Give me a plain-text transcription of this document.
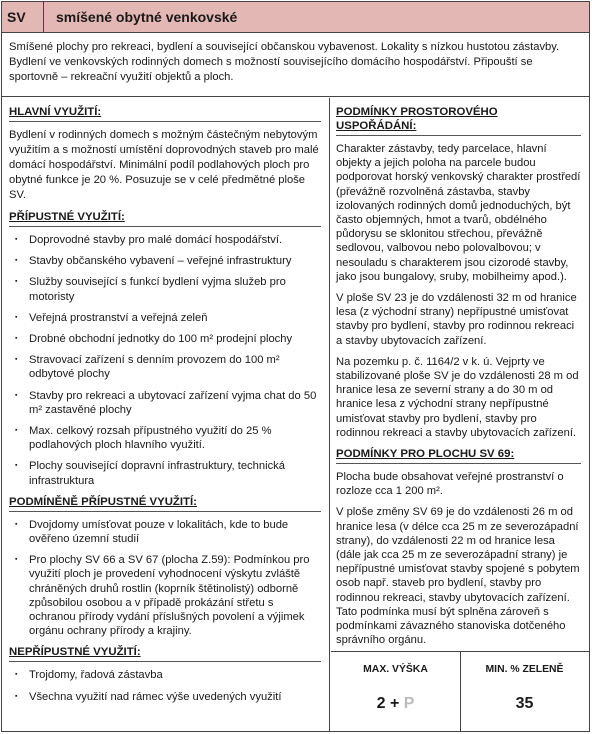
SV	smíšené obytné venkovské
Smíšené plochy pro rekreaci, bydlení a související občanskou vybavenost. Lokality s nízkou hustotou zástavby. Bydlení ve venkovských rodinných domech s možností souvisejícího domácího hospodářství. Připouští se sportovně – rekreační využití objektů a ploch.
HLAVNÍ VYUŽITÍ:

Bydlení v rodinných domech s možným částečným nebytovým využitím a s možností umístění doprovodných staveb pro malé domácí hospodářství. Minimální podíl podlahových ploch pro obytné funkce je 20 %. Posuzuje se v celé předmětné ploše SV.

PŘÍPUSTNÉ VYUŽITÍ:
▪ Doprovodné stavby pro malé domácí hospodářství.
▪ Stavby občanského vybavení – veřejné infrastruktury
▪ Služby související s funkcí bydlení vyjma služeb pro motoristy
▪ Veřejná prostranství a veřejná zeleň
▪ Drobné obchodní jednotky do 100 m² prodejní plochy
▪ Stravovací zařízení s denním provozem do 100 m² odbytové plochy
▪ Stavby pro rekreaci a ubytovací zařízení vyjma chat do 50 m² zastavěné plochy
▪ Max. celkový rozsah přípustného využití do 25 % podlahových ploch hlavního využití.
▪ Plochy související dopravní infrastruktury, technická infrastruktura
PODMÍNĚNĚ PŘÍPUSTNÉ VYUŽITÍ:
▪ Dvojdomy umísťovat pouze v lokalitách, kde to bude ověřeno územní studií
▪ Pro plochy SV 66 a SV 67 (plocha Z.59): Podmínkou pro využití ploch je provedení vyhodnocení výskytu zvláště chráněných druhů rostlin (koprník štětinolistý) odborně způsobilou osobou a v případě prokázání střetu s ochranou přírody vydání příslušných povolení a výjimek orgánu ochrany přírody a krajiny.
NEPŘÍPUSTNÉ VYUŽITÍ:
▪ Trojdomy, řadová zástavba
▪ Všechna využití nad rámec výše uvedených využití
PODMÍNKY PROSTOROVÉHO USPOŘÁDÁNÍ:

Charakter zástavby, tedy parcelace, hlavní objekty a jejich poloha na parcele budou podporovat horský venkovský charakter prostředí (převážně rozvolněná zástavba, stavby izolovaných rodinných domů jednoduchých, být často objemných, hmot a tvarů, obdélného půdorysu se sklonitou střechou, převážně sedlovou, valbovou nebo polovalbovou; v nesouladu s charakterem jsou cizorodé stavby, jako jsou bungalovy, sruby, mobilheimy apod.).

V ploše SV 23 je do vzdálenosti 32 m od hranice lesa (z východní strany) nepřípustné umisťovat stavby pro bydlení, stavby pro rodinnou rekreaci a stavby ubytovacích zařízení.

Na pozemku p. č. 1164/2 v k. ú. Vejprty ve stabilizované ploše SV je do vzdálenosti 28 m od hranice lesa ze severní strany a do 30 m od hranice lesa z východní strany nepřípustné umisťovat stavby pro bydlení, stavby pro rodinnou rekreaci a stavby ubytovacích zařízení.

PODMÍNKY PRO PLOCHU SV 69:

Plocha bude obsahovat veřejné prostranství o rozloze cca 1 200 m².

V ploše změny SV 69 je do vzdálenosti 26 m od hranice lesa (v délce cca 25 m ze severozápadní strany), do vzdálenosti 22 m od hranice lesa (dále jak cca 25 m ze severozápadní strany) je nepřípustné umisťovat stavby spojené s pobytem osob např. staveb pro bydlení, stavby pro rodinnou rekreaci, stavby ubytovacích zařízení. Tato podmínka musí být splněna zároveň s podmínkami závazného stanoviska dotčeného správního orgánu.

MAX. VÝŠKA
2 + P
MIN. % ZELENĚ
35
